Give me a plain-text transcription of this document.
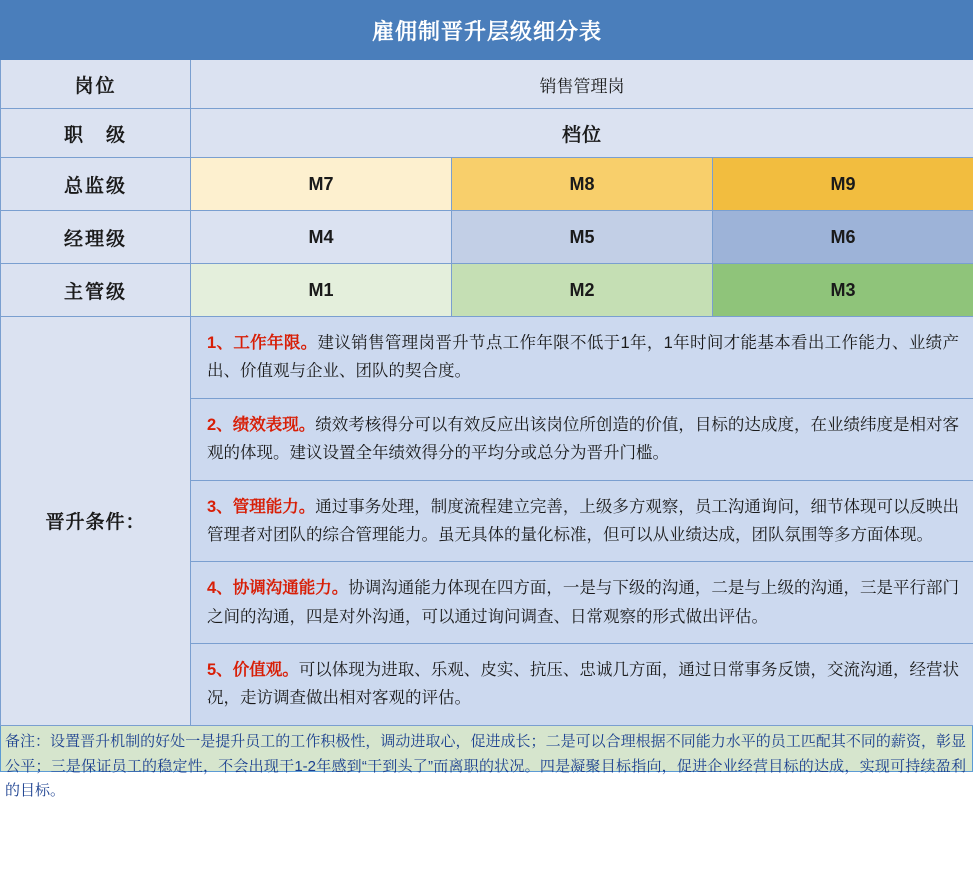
雇佣制晋升层级细分表
岗位	销售管理岗
职　级	档位
总监级	M7	M8	M9
经理级	M4	M5	M6
主管级	M1	M2	M3
晋升条件：	
1、工作年限。建议销售管理岗晋升节点工作年限不低于1年，1年时间才能基本看出工作能力、业绩产出、价值观与企业、团队的契合度。
2、绩效表现。绩效考核得分可以有效反应出该岗位所创造的价值，目标的达成度，在业绩纬度是相对客观的体现。建议设置全年绩效得分的平均分或总分为晋升门槛。
3、管理能力。通过事务处理，制度流程建立完善，上级多方观察，员工沟通询问，细节体现可以反映出管理者对团队的综合管理能力。虽无具体的量化标准，但可以从业绩达成，团队氛围等多方面体现。
4、协调沟通能力。协调沟通能力体现在四方面，一是与下级的沟通，二是与上级的沟通，三是平行部门之间的沟通，四是对外沟通，可以通过询问调查、日常观察的形式做出评估。
5、价值观。可以体现为进取、乐观、皮实、抗压、忠诚几方面，通过日常事务反馈，交流沟通，经营状况，走访调查做出相对客观的评估。
备注：设置晋升机制的好处一是提升员工的工作积极性，调动进取心，促进成长；二是可以合理根据不同能力水平的员工匹配其不同的薪资，彰显公平；三是保证员工的稳定性，不会出现干1-2年感到“干到头了”而离职的状况。四是凝聚目标指向，促进企业经营目标的达成，实现可持续盈利的目标。
